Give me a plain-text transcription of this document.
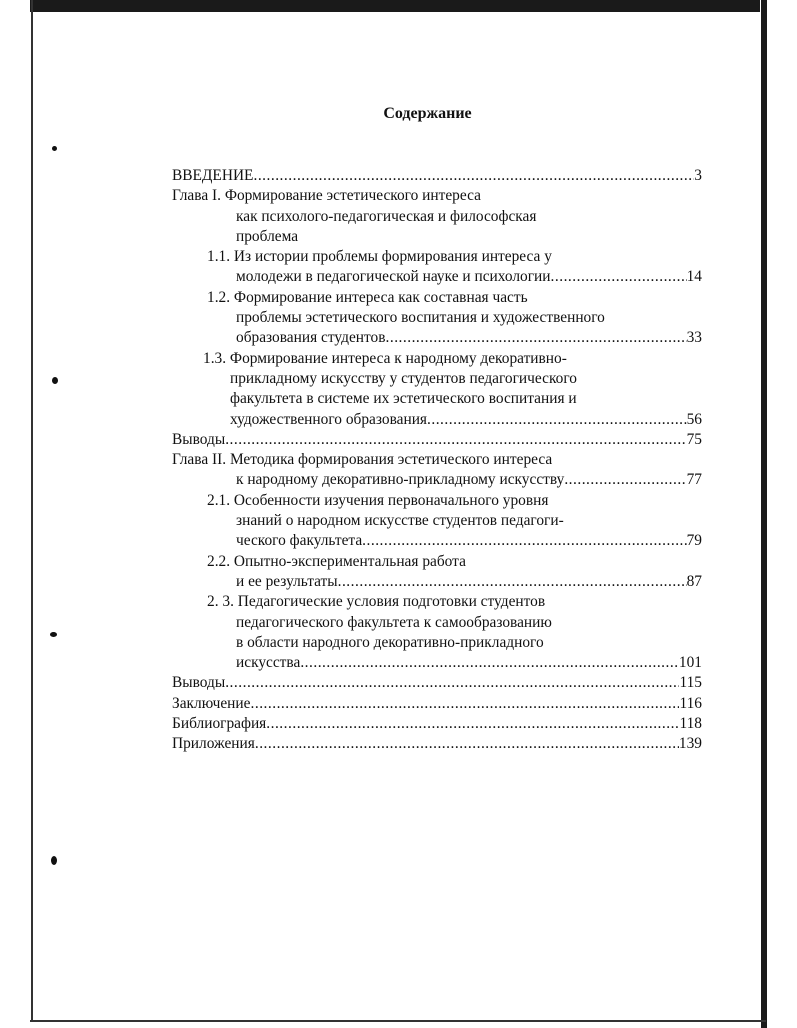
Содержание
ВВЕДЕНИЕ .....	3
Глава I. Формирование эстетического интереса
как психолого-педагогическая и философская
проблема
1.1. Из истории проблемы формирования интереса у
молодежи в педагогической науке и психологии .....	14
1.2. Формирование интереса как составная часть
проблемы эстетического воспитания и художественного
образования студентов .....	33
1.3. Формирование интереса к народному декоративно-
прикладному искусству у студентов педагогического
факультета в системе их эстетического воспитания и
художественного образования .....	56
Выводы .....	75
Глава II. Методика формирования эстетического интереса
к народному декоративно-прикладному искусству .....	77
2.1. Особенности изучения первоначального уровня
знаний о народном искусстве студентов педагоги-
ческого факультета .....	79
2.2. Опытно-экспериментальная работа
и ее результаты .....	87
2. 3. Педагогические условия подготовки студентов
педагогического факультета к самообразованию
в области народного декоративно-прикладного
искусства .....	101
Выводы .....	115
Заключение .....	116
Библиография .....	118
Приложения .....	139
